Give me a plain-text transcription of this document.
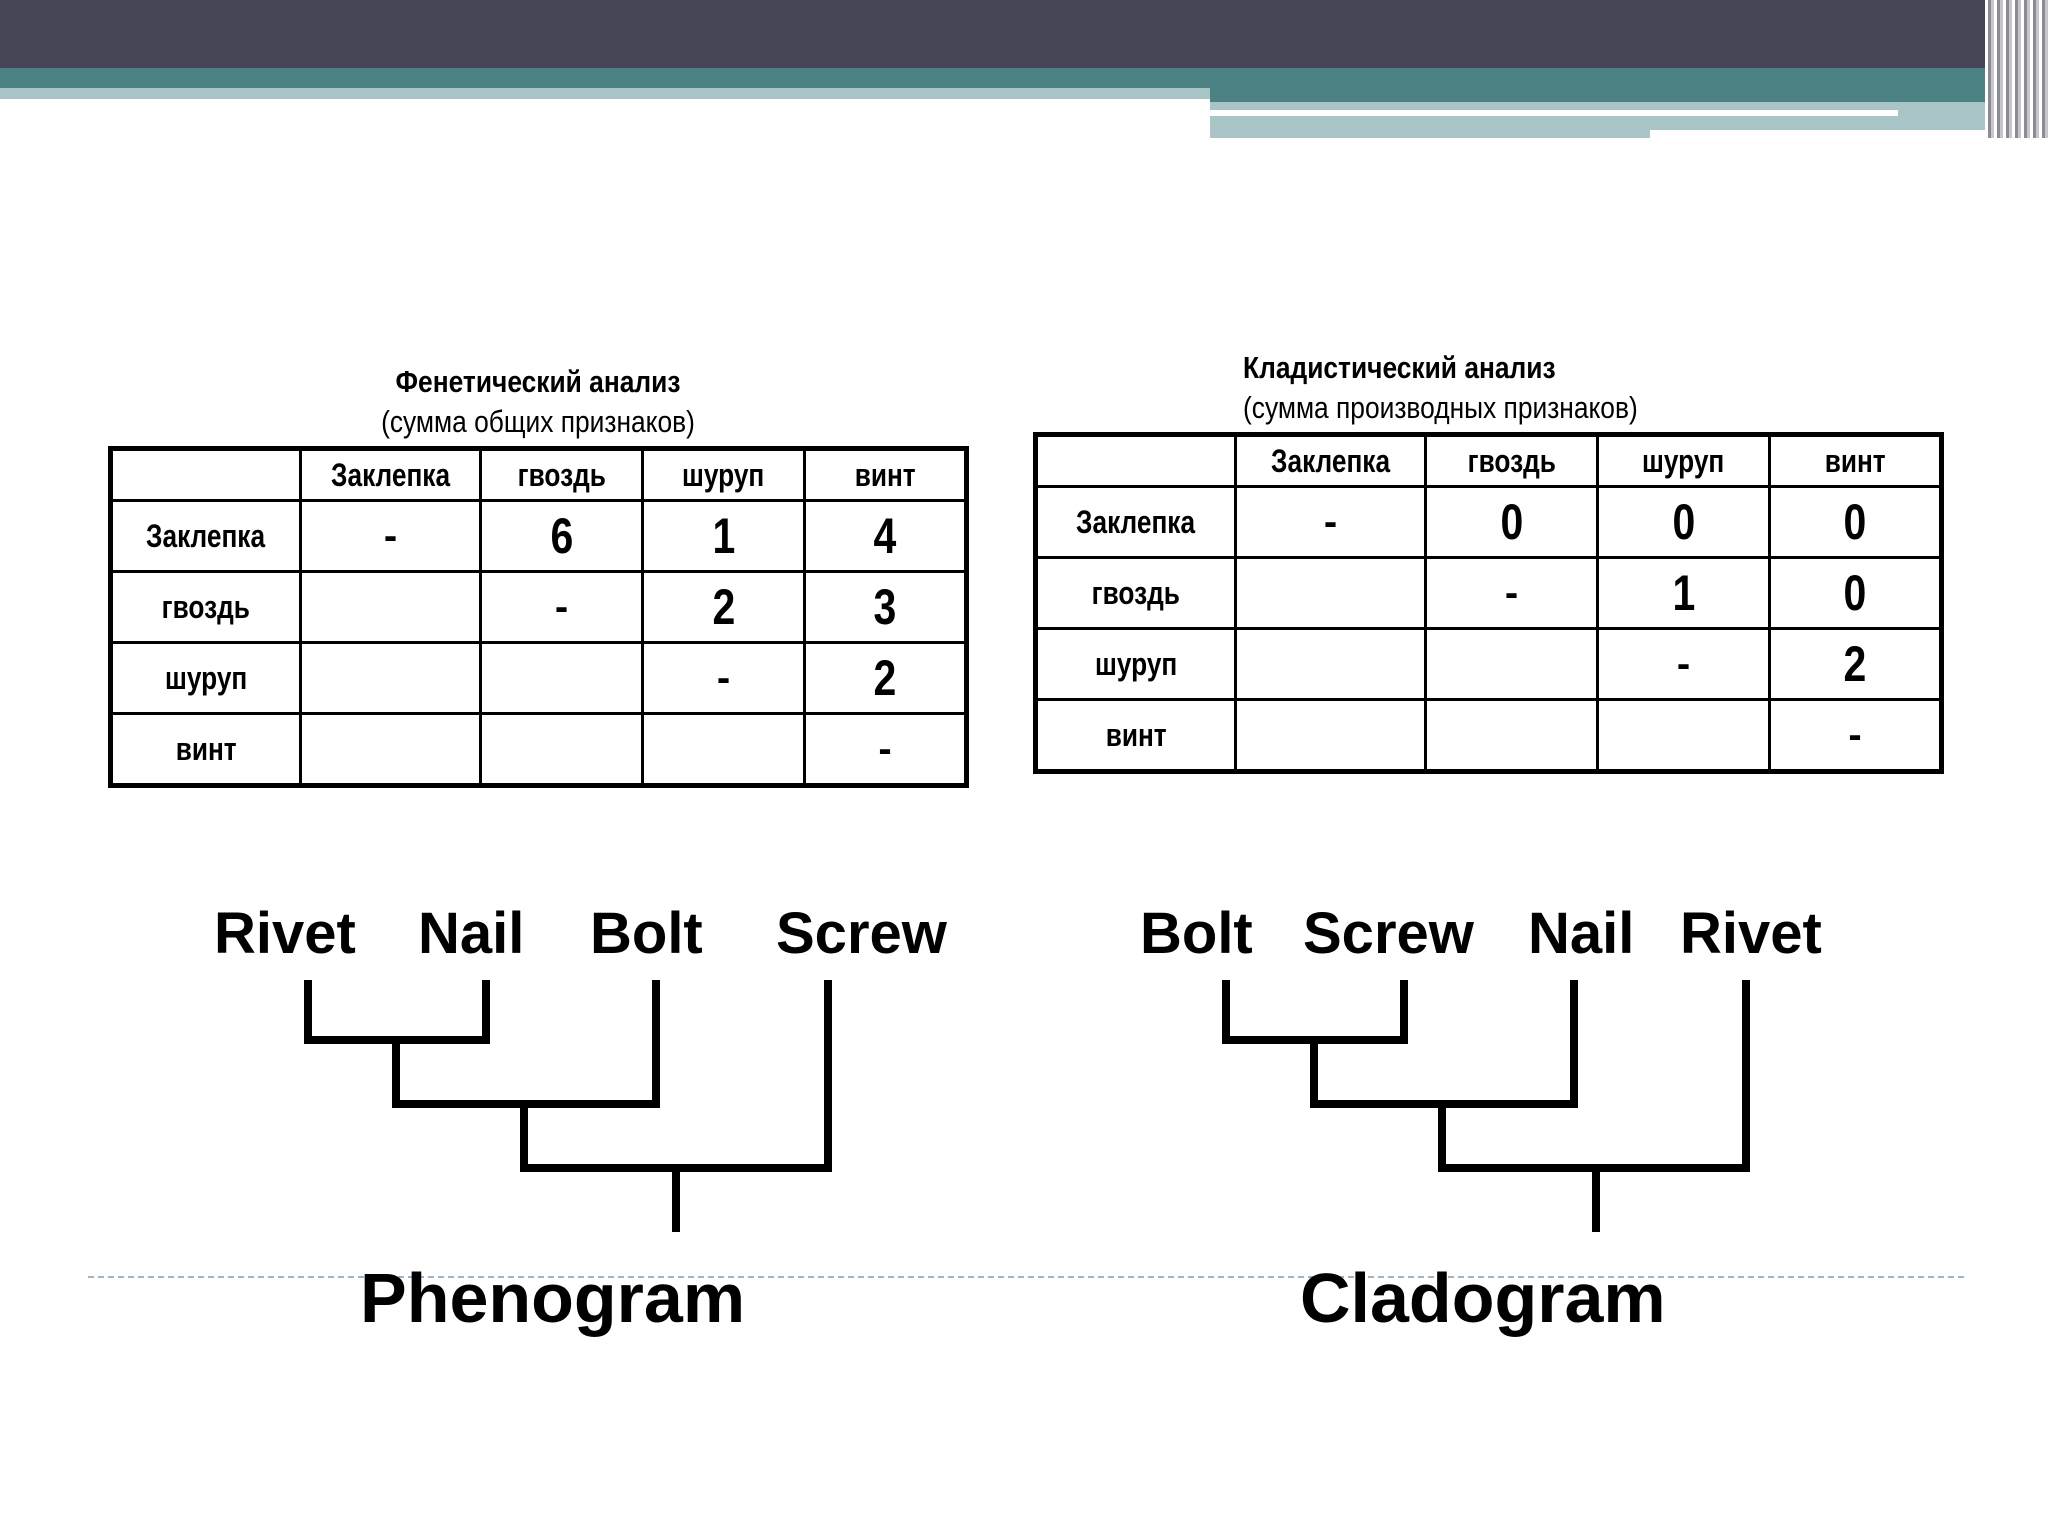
Фенетический анализ
(сумма общих признаков)
	Заклепка	гвоздь	шуруп	винт
Заклепка	-	6	1	4
гвоздь		-	2	3
шуруп			-	2
винт				-
Кладистический анализ
(сумма производных признаков)
	Заклепка	гвоздь	шуруп	винт
Заклепка	-	0	0	0
гвоздь		-	1	0
шуруп			-	2
винт				-
Rivet Nail Bolt Screw	Bolt Screw Nail Rivet
Phenogram	Cladogram
